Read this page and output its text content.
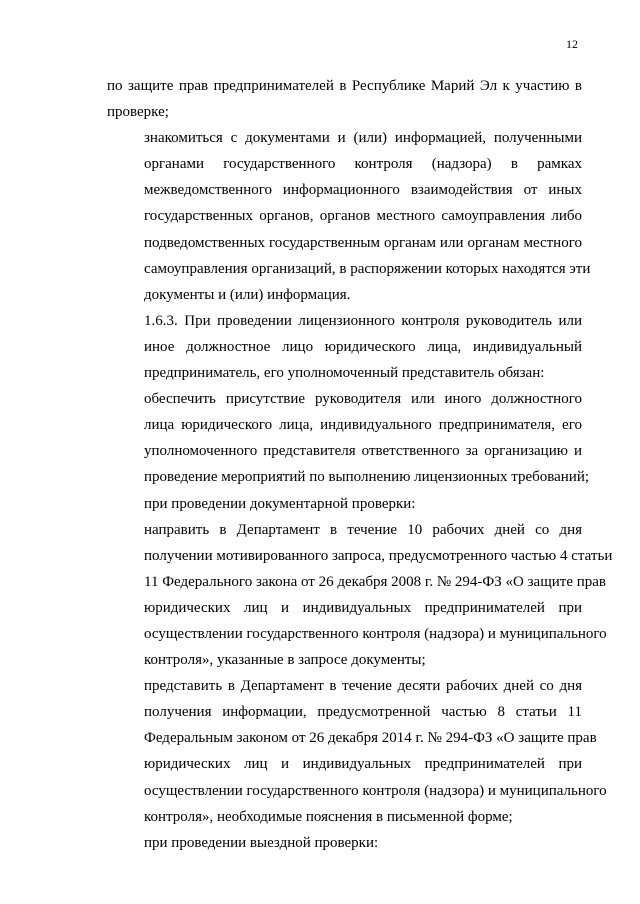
12

по защите прав предпринимателей в Республике Марий Эл к участию в
проверке;

знакомиться с документами и (или) информацией, полученными
органами государственного контроля (надзора) в рамках
межведомственного информационного взаимодействия от иных
государственных органов, органов местного самоуправления либо
подведомственных государственным органам или органам местного
самоуправления организаций, в распоряжении которых находятся эти
документы и (или) информация.

1.6.3. При проведении лицензионного контроля руководитель или
иное должностное лицо юридического лица, индивидуальный
предприниматель, его уполномоченный представитель обязан:

обеспечить присутствие руководителя или иного должностного
лица юридического лица, индивидуального предпринимателя, его
уполномоченного представителя ответственного за организацию и
проведение мероприятий по выполнению лицензионных требований;

при проведении документарной проверки:

направить в Департамент в течение 10 рабочих дней со дня
получении мотивированного запроса, предусмотренного частью 4 статьи
11 Федерального закона от 26 декабря 2008 г. № 294-ФЗ «О защите прав
юридических лиц и индивидуальных предпринимателей при
осуществлении государственного контроля (надзора) и муниципального
контроля», указанные в запросе документы;

представить в Департамент в течение десяти рабочих дней со дня
получения информации, предусмотренной частью 8 статьи 11
Федеральным законом от 26 декабря 2014 г. № 294-ФЗ «О защите прав
юридических лиц и индивидуальных предпринимателей при
осуществлении государственного контроля (надзора) и муниципального
контроля», необходимые пояснения в письменной форме;

при проведении выездной проверки:
